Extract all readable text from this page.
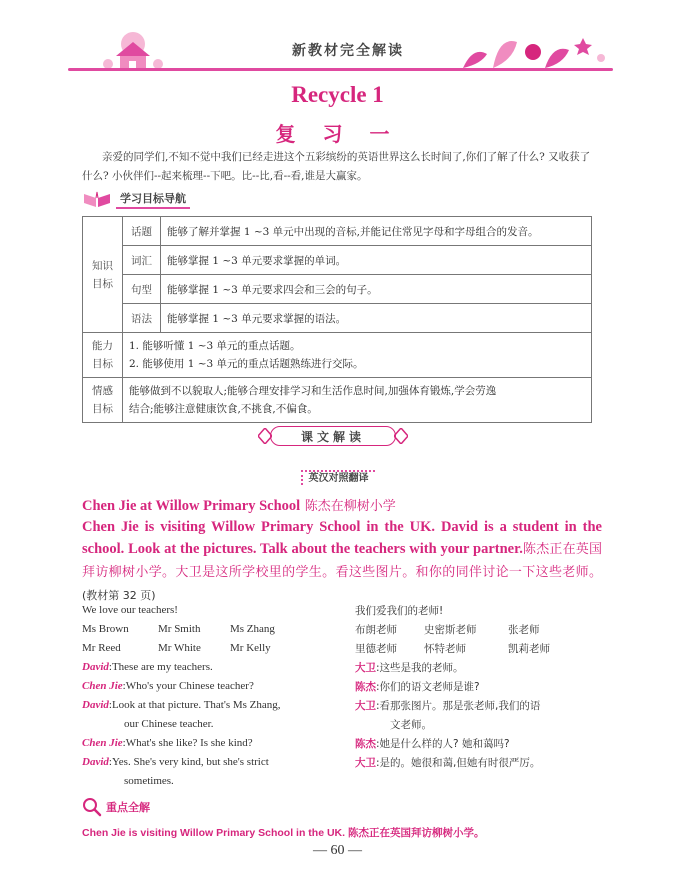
新教材完全解读
Recycle 1
复 习 一
亲爱的同学们,不知不觉中我们已经走进这个五彩缤纷的英语世界这么长时间了,你们了解了什么? 又收获了什么? 小伙伴们--起来梳理--下吧。比--比,看--看,谁是大赢家。
学习目标导航
知识
目标	话题	能够了解并掌握 1 ~3 单元中出现的音标,并能记住常见字母和字母组合的发音。
	词汇	能够掌握 1 ~3 单元要求掌握的单词。
	句型	能够掌握 1 ~3 单元要求四会和三会的句子。
	语法	能够掌握 1 ~3 单元要求掌握的语法。
能力
目标	1. 能够听懂 1 ~3 单元的重点话题。
2. 能够使用 1 ~3 单元的重点话题熟练进行交际。	
情感
目标	能够做到不以貌取人;能够合理安排学习和生活作息时间,加强体育锻炼,学会劳逸
结合;能够注意健康饮食,不挑食,不偏食。	
课文解读
英汉对照翻译
Chen Jie at Willow Primary School 陈杰在柳树小学
Chen Jie is visiting Willow Primary School in the UK. David is a student in the school. Look at the pictures. Talk about the teachers with your partner.陈杰正在英国拜访柳树小学。大卫是这所学校里的学生。看这些图片。和你的同伴讨论一下这些老师。 (教材第 32 页)
We love our teachers!
Ms Brown	Mr Smith	Ms Zhang
Mr Reed	Mr White	Mr Kelly
David:These are my teachers.
Chen Jie:Who's your Chinese teacher?
David:Look at that picture. That's Ms Zhang,
our Chinese teacher.
Chen Jie:What's she like? Is she kind?
David:Yes. She's very kind, but she's strict
sometimes.
我们爱我们的老师!
布朗老师	史密斯老师	张老师
里德老师	怀特老师	凯莉老师
大卫:这些是我的老师。
陈杰:你们的语文老师是谁?
大卫:看那张图片。那是张老师,我们的语
文老师。
陈杰:她是什么样的人? 她和蔼吗?
大卫:是的。她很和蔼,但她有时很严厉。
重点全解
Chen Jie is visiting Willow Primary School in the UK. 陈杰正在英国拜访柳树小学。
— 60 —
